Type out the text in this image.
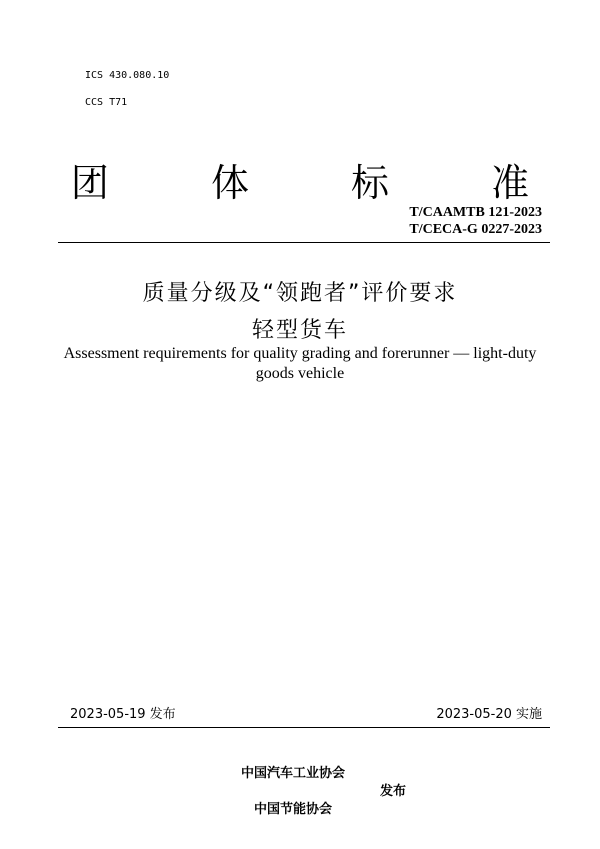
ICS 430.080.10
CCS T71
团 体 标 准
T/CAAMTB 121-2023
T/CECA-G 0227-2023
质量分级及“领跑者”评价要求
轻型货车
Assessment requirements for quality grading and forerunner — light-duty
goods vehicle
2023-05-19 发布	2023-05-20 实施
中国汽车工业协会
发布
中国节能协会
